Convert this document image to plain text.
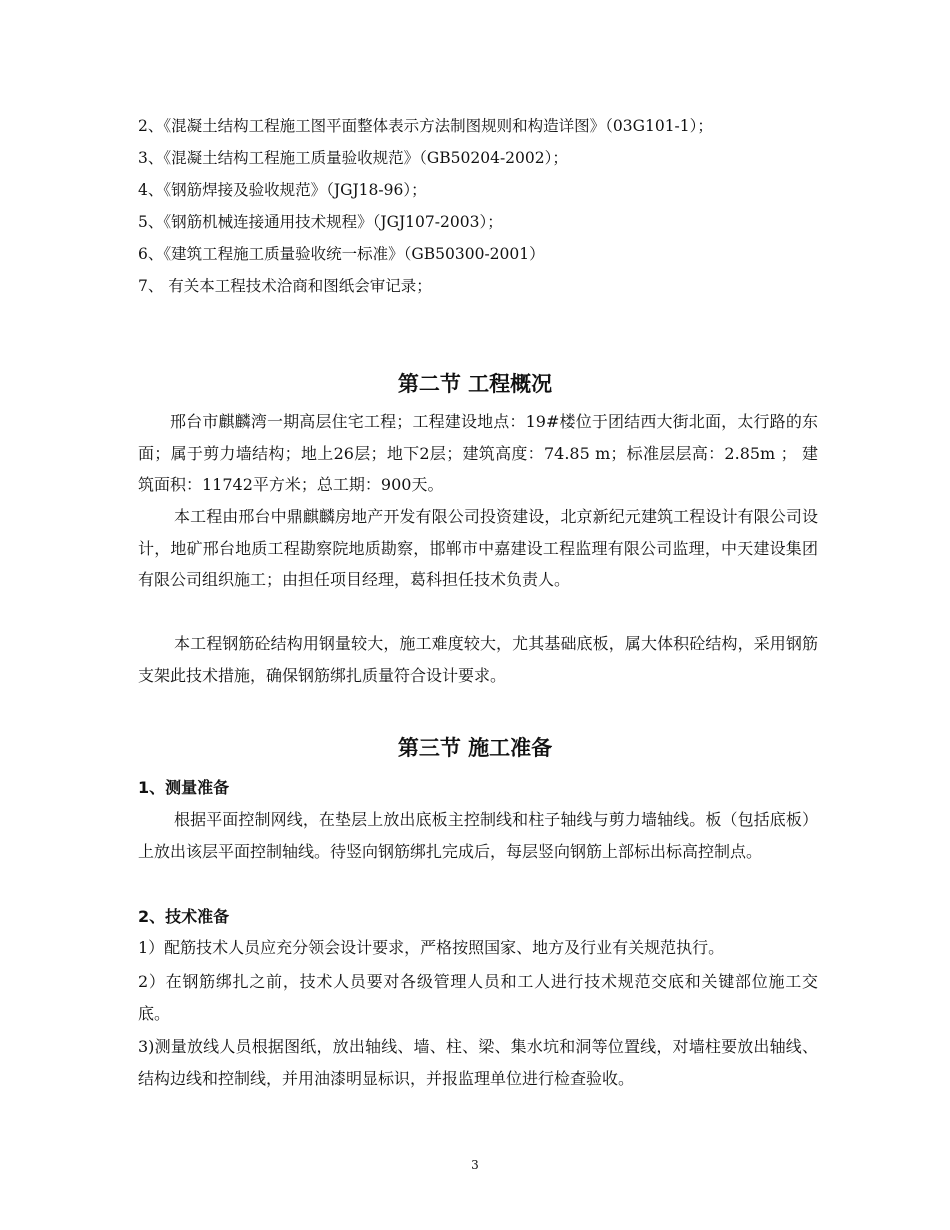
2、《混凝土结构工程施工图平面整体表示方法制图规则和构造详图》（03G101-1）；
3、《混凝土结构工程施工质量验收规范》（GB50204-2002）；
4、《钢筋焊接及验收规范》（JGJ18-96）；
5、《钢筋机械连接通用技术规程》（JGJ107-2003）；
6、《建筑工程施工质量验收统一标准》（GB50300-2001）
7、 有关本工程技术洽商和图纸会审记录；
第二节 工程概况
邢台市麒麟湾一期高层住宅工程；工程建设地点：19#楼位于团结西大街北面，太行路的东面；属于剪力墙结构；地上26层；地下2层；建筑高度：74.85 m；标准层层高：2.85m ； 建筑面积：11742平方米；总工期：900天。
本工程由邢台中鼎麒麟房地产开发有限公司投资建设，北京新纪元建筑工程设计有限公司设计，地矿邢台地质工程勘察院地质勘察，邯郸市中嘉建设工程监理有限公司监理，中天建设集团有限公司组织施工；由担任项目经理，葛科担任技术负责人。
本工程钢筋砼结构用钢量较大，施工难度较大，尤其基础底板，属大体积砼结构，采用钢筋支架此技术措施，确保钢筋绑扎质量符合设计要求。
第三节 施工准备
1、测量准备
根据平面控制网线，在垫层上放出底板主控制线和柱子轴线与剪力墙轴线。板（包括底板）上放出该层平面控制轴线。待竖向钢筋绑扎完成后，每层竖向钢筋上部标出标高控制点。
2、技术准备
1）配筋技术人员应充分领会设计要求，严格按照国家、地方及行业有关规范执行。
2）在钢筋绑扎之前，技术人员要对各级管理人员和工人进行技术规范交底和关键部位施工交底。
3)测量放线人员根据图纸，放出轴线、墙、柱、梁、集水坑和洞等位置线，对墙柱要放出轴线、结构边线和控制线，并用油漆明显标识，并报监理单位进行检查验收。
3
